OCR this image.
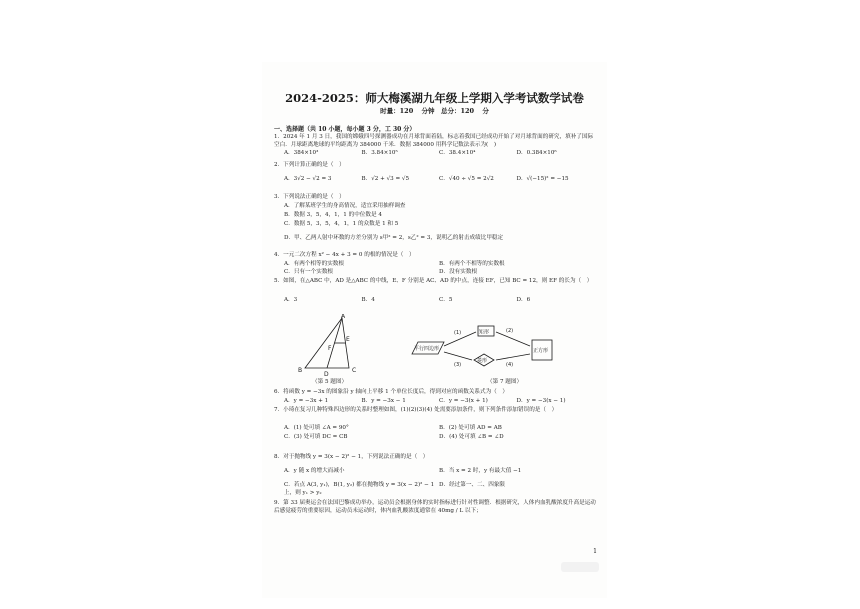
2024-2025：师大梅溪湖九年级上学期入学考试数学试卷
时量：120 分钟　总分：120 分
一、选择题（共 10 小题，每小题 3 分，工 30 分）
1．2024 年 1 月 3 日，我国的嫦娥四号探测器成功在月球背面着陆，标志着我国已经成功开始了对月球背面的研究，填补了国际空白．月球距离地球的平均距离为 384000 千米．数据 384000 用科学记数法表示为(　)
A．384×10³	B．3.84×10⁵	C．38.4×10⁴	D．0.384×10⁶
2．下列计算正确的是（　）
A．3√2 − √2 = 3	B．√2 + √3 = √5	C．√40 ÷ √5 = 2√2	D．√(−15)² = −15
3．下列说法正确的是（　）
A．了解某班学生的身高情况，适宜采用抽样调查
B．数据 3，5，4，1，1 的中位数是 4
C．数据 5，3，5，4，1，1 的众数是 1 和 5
D．甲、乙两人射中环数的方差分别为 s甲² = 2，s乙² = 3，说明乙的射击成绩比甲稳定
4．一元二次方程 x² − 4x + 3 = 0 的根的情况是（　）
A．有两个相等的实数根	B．有两个不相等的实数根
C．只有一个实数根	D．没有实数根
5．如图，在△ABC 中，AD 是△ABC 的中线，E、F 分别是 AC、AD 的中点，连接 EF，已知 BC = 12，则 EF 的长为（　）
A．3	B．4	C．5	D．6
A
B	C
D
E
F	平行四边形
矩形
菱形
正方形
(1)	(2)
(3)	(4)
（第 5 题图）	（第 7 题图）
6．将函数 y = −3x 的图象沿 y 轴向上平移 1 个单位长度后，得到对应的函数关系式为（　）
A．y = −3x + 1	B．y = −3x − 1	C．y = −3(x + 1)	D．y = −3(x − 1)
7．小琦在复习几种特殊四边形的关系时整理如图，(1)(2)(3)(4) 处需要添加条件，则下列条件添加错误的是（　）
A．(1) 处可填 ∠A = 90°	B．(2) 处可填 AD = AB
C．(3) 处可填 DC = CB	D．(4) 处可填 ∠B = ∠D
8．对于抛物线 y = 3(x − 2)² − 1，下列说法正确的是（　）
A．y 随 x 的增大而减小	B．当 x = 2 时，y 有最大值 −1
C．若点 A(3, y₁)，B(1, y₂) 都在抛物线 y = 3(x − 2)² − 1 上，则 y₁ > y₂
D．经过第一、二、四象限
9．第 33 届奥运会在法国巴黎成功举办，运动员会根据身体的实时指标进行针对性调整．根据研究，人体内血乳酸浓度升高是运动后感觉疲劳的重要原因，运动员未运动时，体内血乳酸浓度通常在 40mg / L 以下；
1
